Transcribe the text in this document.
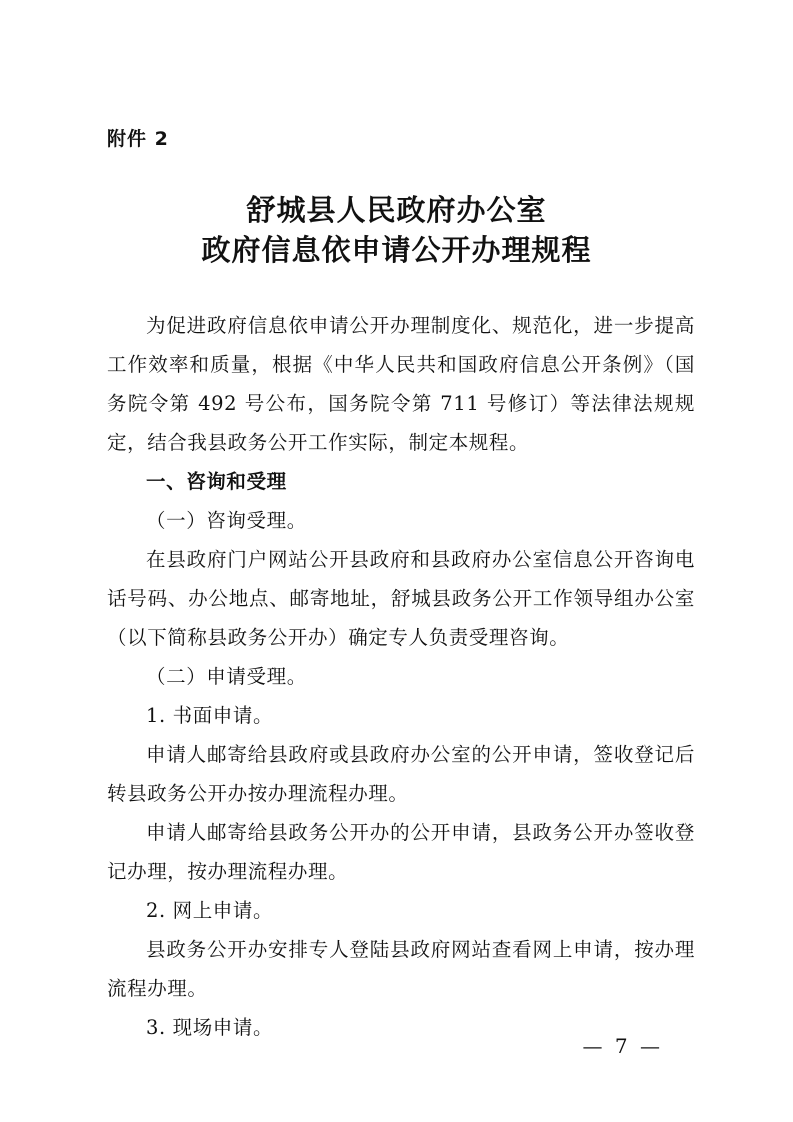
附件 2
舒城县人民政府办公室
政府信息依申请公开办理规程

为促进政府信息依申请公开办理制度化、规范化，进一步提高工作效率和质量，根据《中华人民共和国政府信息公开条例》（国务院令第 492 号公布，国务院令第 711 号修订）等法律法规规定，结合我县政务公开工作实际，制定本规程。

一、咨询和受理

（一）咨询受理。

在县政府门户网站公开县政府和县政府办公室信息公开咨询电话号码、办公地点、邮寄地址，舒城县政务公开工作领导组办公室（以下简称县政务公开办）确定专人负责受理咨询。

（二）申请受理。

1. 书面申请。

申请人邮寄给县政府或县政府办公室的公开申请，签收登记后转县政务公开办按办理流程办理。

申请人邮寄给县政务公开办的公开申请，县政务公开办签收登记办理，按办理流程办理。

2. 网上申请。

县政务公开办安排专人登陆县政府网站查看网上申请，按办理流程办理。

3. 现场申请。

— 7 —
